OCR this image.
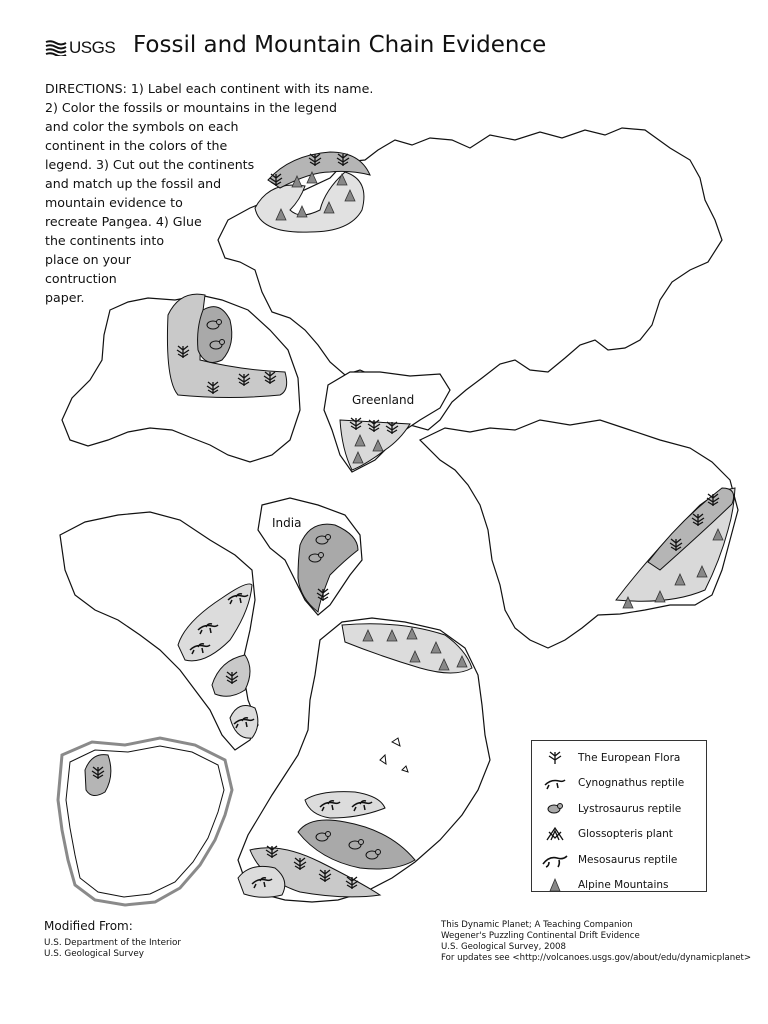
USGS Fossil and Mountain Chain Evidence
DIRECTIONS: 1) Label each continent with its name.
2) Color the fossils or mountains in the legend
and color the symbols on each
continent in the colors of the
legend. 3) Cut out the continents
and match up the fossil and
mountain evidence to
recreate Pangea. 4) Glue
the continents into
place on your
contruction
paper.
Greenland
India
The European Flora
Cynognathus reptile
Lystrosaurus reptile
Glossopteris plant
Mesosaurus reptile
Alpine Mountains
Modified From:
U.S. Department of the Interior
U.S. Geological Survey
This Dynamic Planet; A Teaching Companion
Wegener's Puzzling Continental Drift Evidence
U.S. Geological Survey, 2008
For updates see <http://volcanoes.usgs.gov/about/edu/dynamicplanet>
